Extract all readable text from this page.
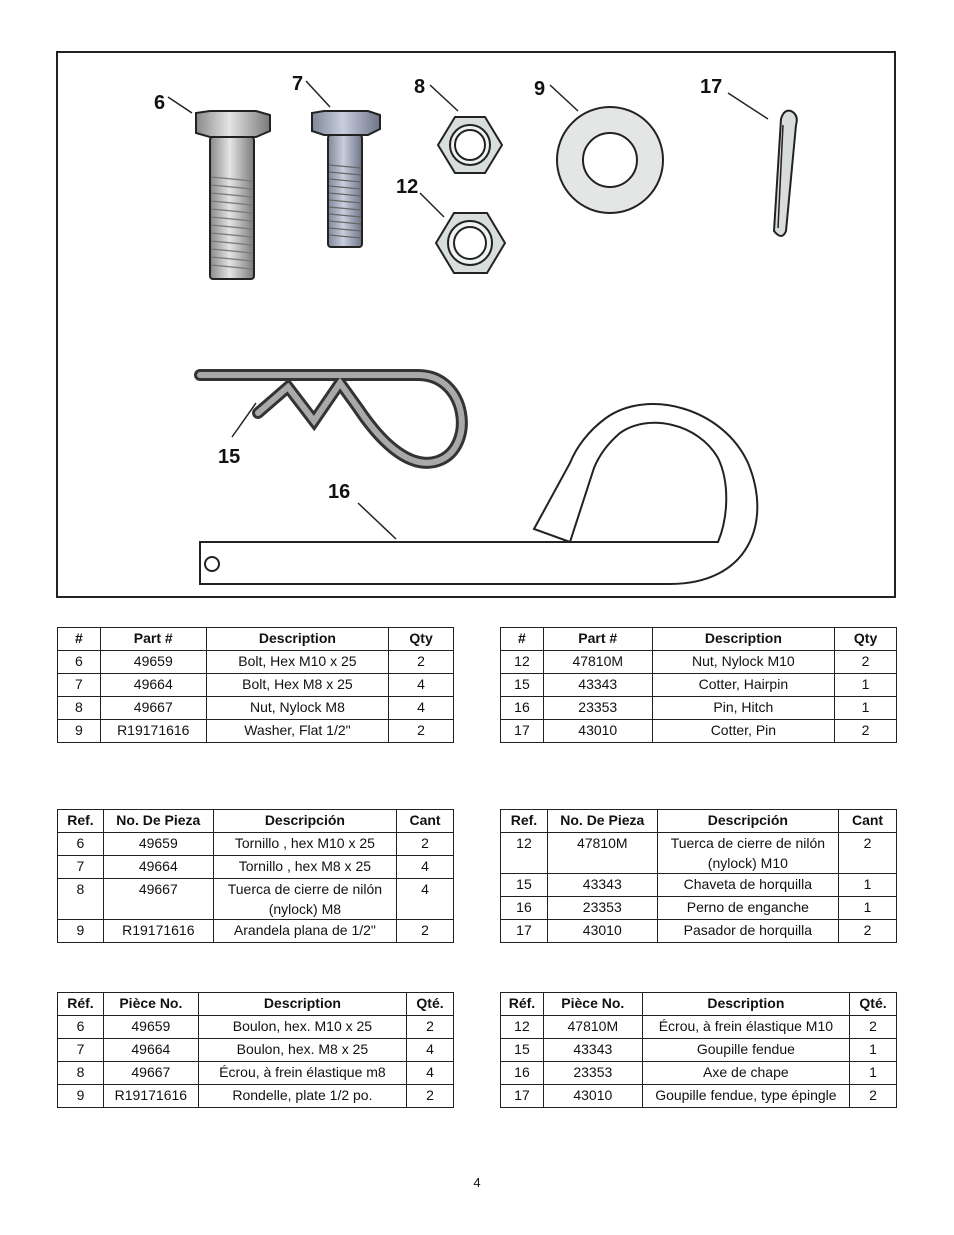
6
7	8	9	17
12
15
16
#	Part #	Description	Qty
6	49659	Bolt, Hex M10 x 25	2
7	49664	Bolt, Hex M8 x 25	4
8	49667	Nut, Nylock M8	4
9	R19171616	Washer, Flat 1/2"	2
#	Part #	Description	Qty
12	47810M	Nut, Nylock M10	2
15	43343	Cotter, Hairpin	1
16	23353	Pin, Hitch	1
17	43010	Cotter, Pin	2
Ref.	No. De Pieza	Descripción	Cant
6	49659	Tornillo , hex M10 x 25	2
7	49664	Tornillo , hex M8 x 25	4
8	49667	Tuerca de cierre de nilón
(nylock) M8	4
9	R19171616	Arandela plana de 1/2"	2
Ref.	No. De Pieza	Descripción	Cant
12	47810M	Tuerca de cierre de nilón
(nylock) M10	2
15	43343	Chaveta de horquilla	1
16	23353	Perno de enganche	1
17	43010	Pasador de horquilla	2
Réf.	Pièce No.	Description	Qté.
6	49659	Boulon, hex. M10 x 25	2
7	49664	Boulon, hex. M8 x 25	4
8	49667	Écrou, à frein élastique m8	4
9	R19171616	Rondelle, plate 1/2 po.	2
Réf.	Pièce No.	Description	Qté.
12	47810M	Écrou, à frein élastique M10	2
15	43343	Goupille fendue	1
16	23353	Axe de chape	1
17	43010	Goupille fendue, type épingle	2
4
